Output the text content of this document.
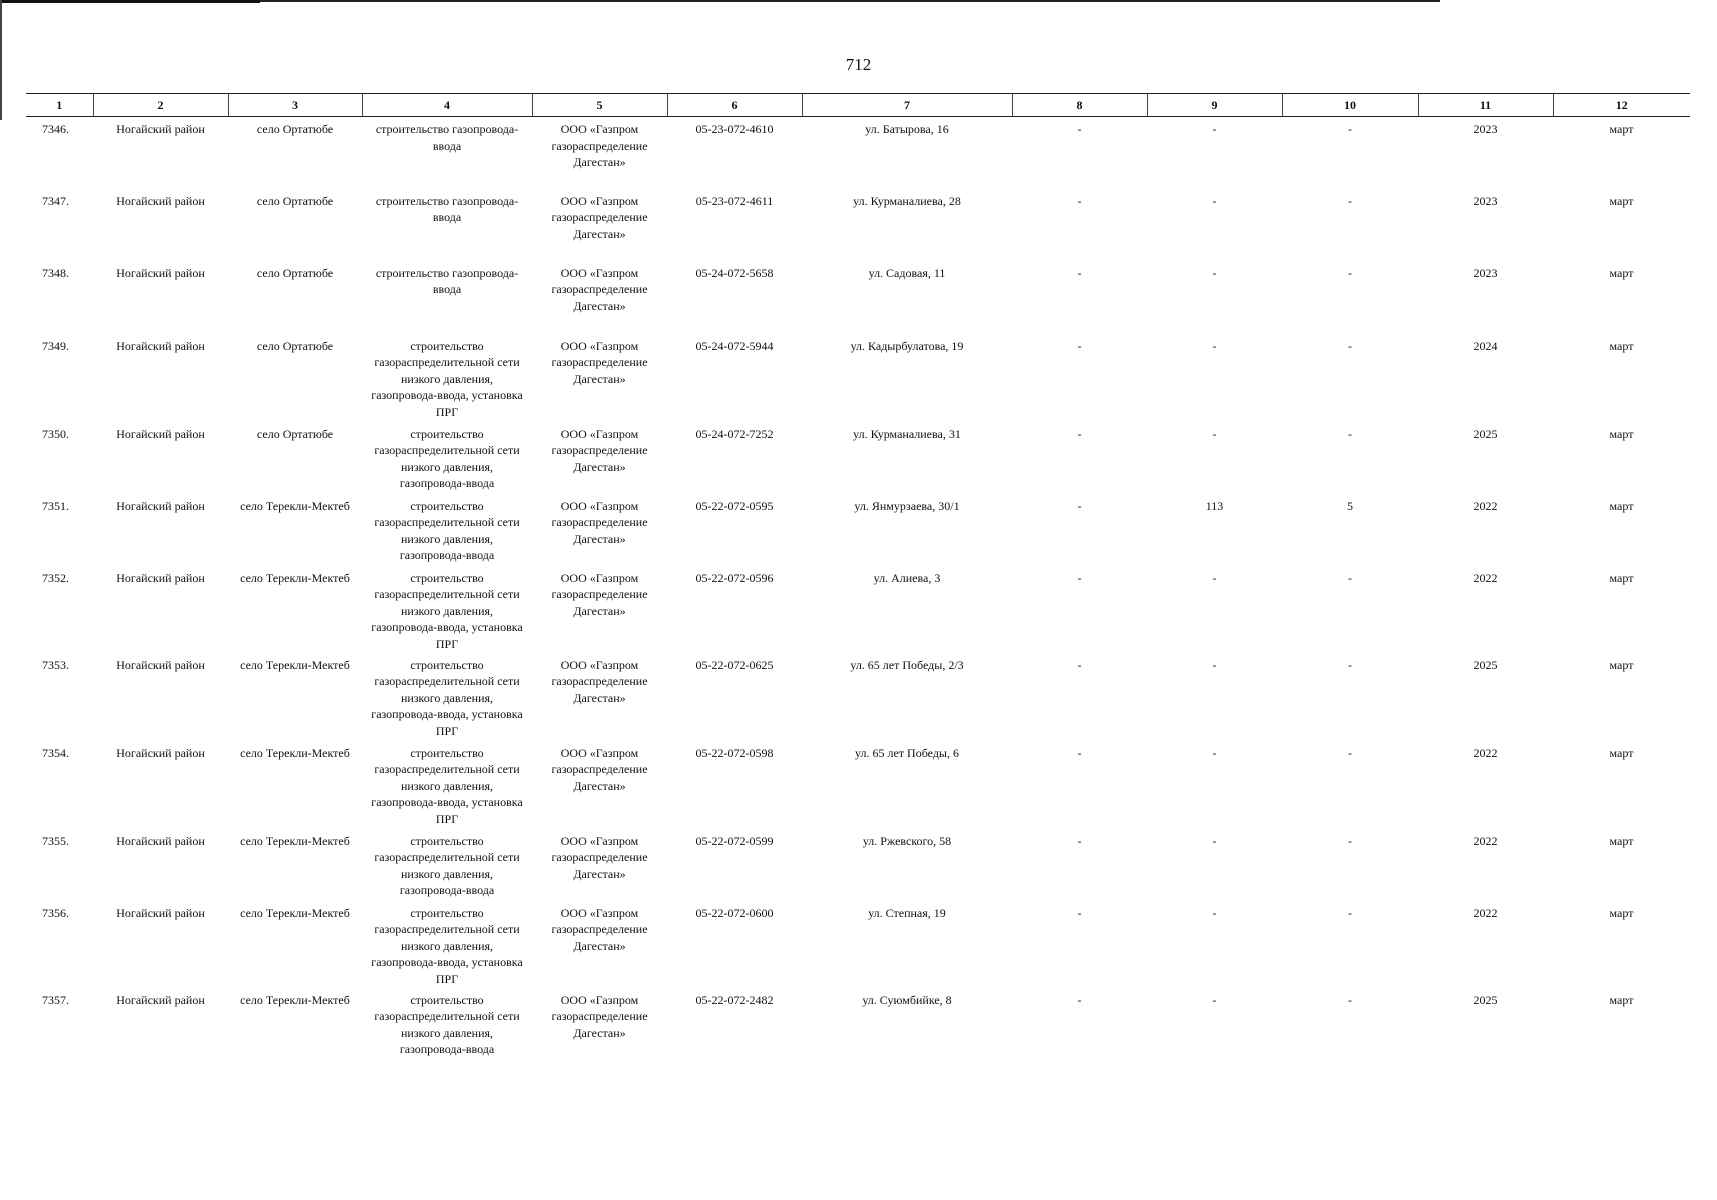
712
1	2	3	4	5	6	7	8	9	10	11	12
7346.	Ногайский район	село Ортатюбе	строительство газопровода-ввода	ООО «Газпром газораспределение Дагестан»	05-23-072-4610	ул. Батырова, 16	-	-	-	2023	март
7347.	Ногайский район	село Ортатюбе	строительство газопровода-ввода	ООО «Газпром газораспределение Дагестан»	05-23-072-4611	ул. Курманалиева, 28	-	-	-	2023	март
7348.	Ногайский район	село Ортатюбе	строительство газопровода-ввода	ООО «Газпром газораспределение Дагестан»	05-24-072-5658	ул. Садовая, 11	-	-	-	2023	март
7349.	Ногайский район	село Ортатюбе	строительство газораспределительной сети низкого давления, газопровода-ввода, установка ПРГ	ООО «Газпром газораспределение Дагестан»	05-24-072-5944	ул. Кадырбулатова, 19	-	-	-	2024	март
7350.	Ногайский район	село Ортатюбе	строительство газораспределительной сети низкого давления, газопровода-ввода	ООО «Газпром газораспределение Дагестан»	05-24-072-7252	ул. Курманалиева, 31	-	-	-	2025	март
7351.	Ногайский район	село Терекли-Мектеб	строительство газораспределительной сети низкого давления, газопровода-ввода	ООО «Газпром газораспределение Дагестан»	05-22-072-0595	ул. Янмурзаева, 30/1	-	113	5	2022	март
7352.	Ногайский район	село Терекли-Мектеб	строительство газораспределительной сети низкого давления, газопровода-ввода, установка ПРГ	ООО «Газпром газораспределение Дагестан»	05-22-072-0596	ул. Алиева, 3	-	-	-	2022	март
7353.	Ногайский район	село Терекли-Мектеб	строительство газораспределительной сети низкого давления, газопровода-ввода, установка ПРГ	ООО «Газпром газораспределение Дагестан»	05-22-072-0625	ул. 65 лет Победы, 2/3	-	-	-	2025	март
7354.	Ногайский район	село Терекли-Мектеб	строительство газораспределительной сети низкого давления, газопровода-ввода, установка ПРГ	ООО «Газпром газораспределение Дагестан»	05-22-072-0598	ул. 65 лет Победы, 6	-	-	-	2022	март
7355.	Ногайский район	село Терекли-Мектеб	строительство газораспределительной сети низкого давления, газопровода-ввода	ООО «Газпром газораспределение Дагестан»	05-22-072-0599	ул. Ржевского, 58	-	-	-	2022	март
7356.	Ногайский район	село Терекли-Мектеб	строительство газораспределительной сети низкого давления, газопровода-ввода, установка ПРГ	ООО «Газпром газораспределение Дагестан»	05-22-072-0600	ул. Степная, 19	-	-	-	2022	март
7357.	Ногайский район	село Терекли-Мектеб	строительство газораспределительной сети низкого давления, газопровода-ввода	ООО «Газпром газораспределение Дагестан»	05-22-072-2482	ул. Суюмбийке, 8	-	-	-	2025	март
